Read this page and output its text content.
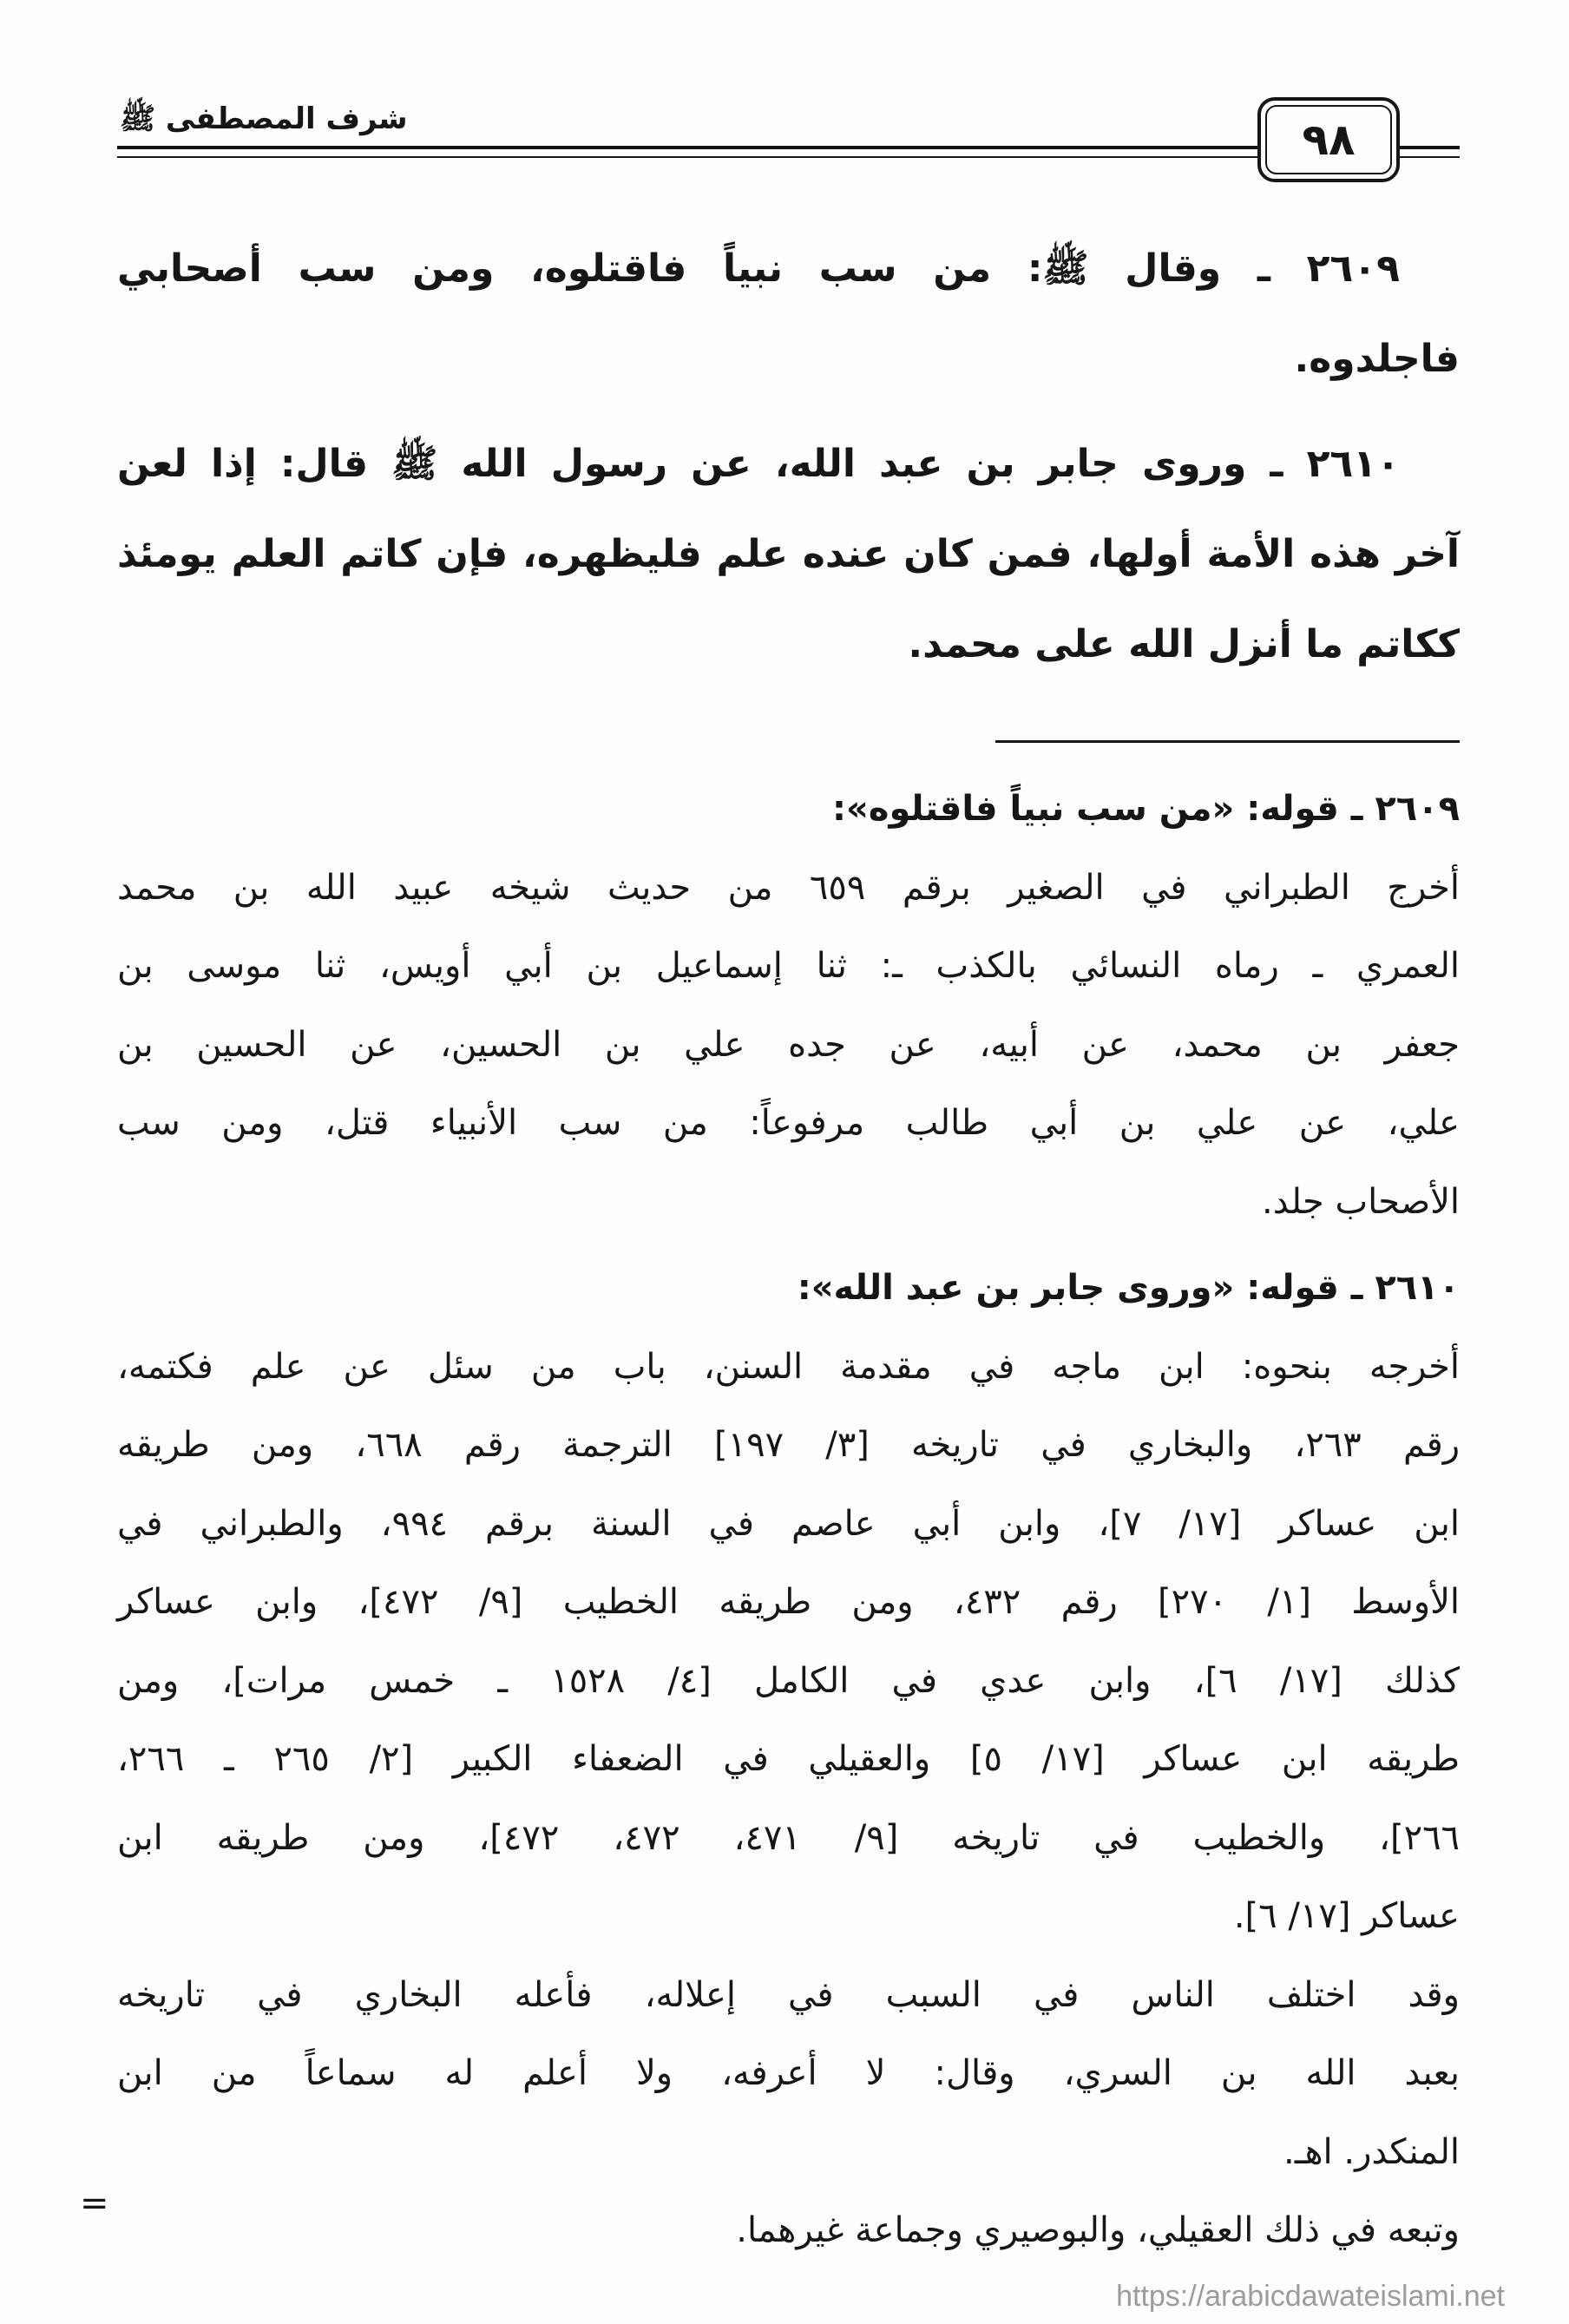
شرف المصطفى ﷺ	٩٨
٢٦٠٩ ـ وقال ﷺ: من سب نبياً فاقتلوه، ومن سب أصحابي
فاجلدوه.
٢٦١٠ ـ وروى جابر بن عبد الله، عن رسول الله ﷺ قال: إذا لعن
آخر هذه الأمة أولها، فمن كان عنده علم فليظهره، فإن كاتم العلم يومئذ
ككاتم ما أنزل الله على محمد.
٢٦٠٩ ـ قوله: «من سب نبياً فاقتلوه»:
أخرج الطبراني في الصغير برقم ٦٥٩ من حديث شيخه عبيد الله بن محمد
العمري ـ رماه النسائي بالكذب ـ: ثنا إسماعيل بن أبي أويس، ثنا موسى بن
جعفر بن محمد، عن أبيه، عن جده علي بن الحسين، عن الحسين بن
علي، عن علي بن أبي طالب مرفوعاً: من سب الأنبياء قتل، ومن سب
الأصحاب جلد.
٢٦١٠ ـ قوله: «وروى جابر بن عبد الله»:
أخرجه بنحوه: ابن ماجه في مقدمة السنن، باب من سئل عن علم فكتمه،
رقم ٢٦٣، والبخاري في تاريخه [٣/ ١٩٧] الترجمة رقم ٦٦٨، ومن طريقه
ابن عساكر [١٧/ ٧]، وابن أبي عاصم في السنة برقم ٩٩٤، والطبراني في
الأوسط [١/ ٢٧٠] رقم ٤٣٢، ومن طريقه الخطيب [٩/ ٤٧٢]، وابن عساكر
كذلك [١٧/ ٦]، وابن عدي في الكامل [٤/ ١٥٢٨ ـ خمس مرات]، ومن
طريقه ابن عساكر [١٧/ ٥] والعقيلي في الضعفاء الكبير [٢/ ٢٦٥ ـ ٢٦٦،
٢٦٦]، والخطيب في تاريخه [٩/ ٤٧١، ٤٧٢، ٤٧٢]، ومن طريقه ابن
عساكر [١٧/ ٦].
وقد اختلف الناس في السبب في إعلاله، فأعله البخاري في تاريخه
بعبد الله بن السري، وقال: لا أعرفه، ولا أعلم له سماعاً من ابن
المنكدر. اهـ.
وتبعه في ذلك العقيلي، والبوصيري وجماعة غيرهما.
=
https://arabicdawateislami.net
